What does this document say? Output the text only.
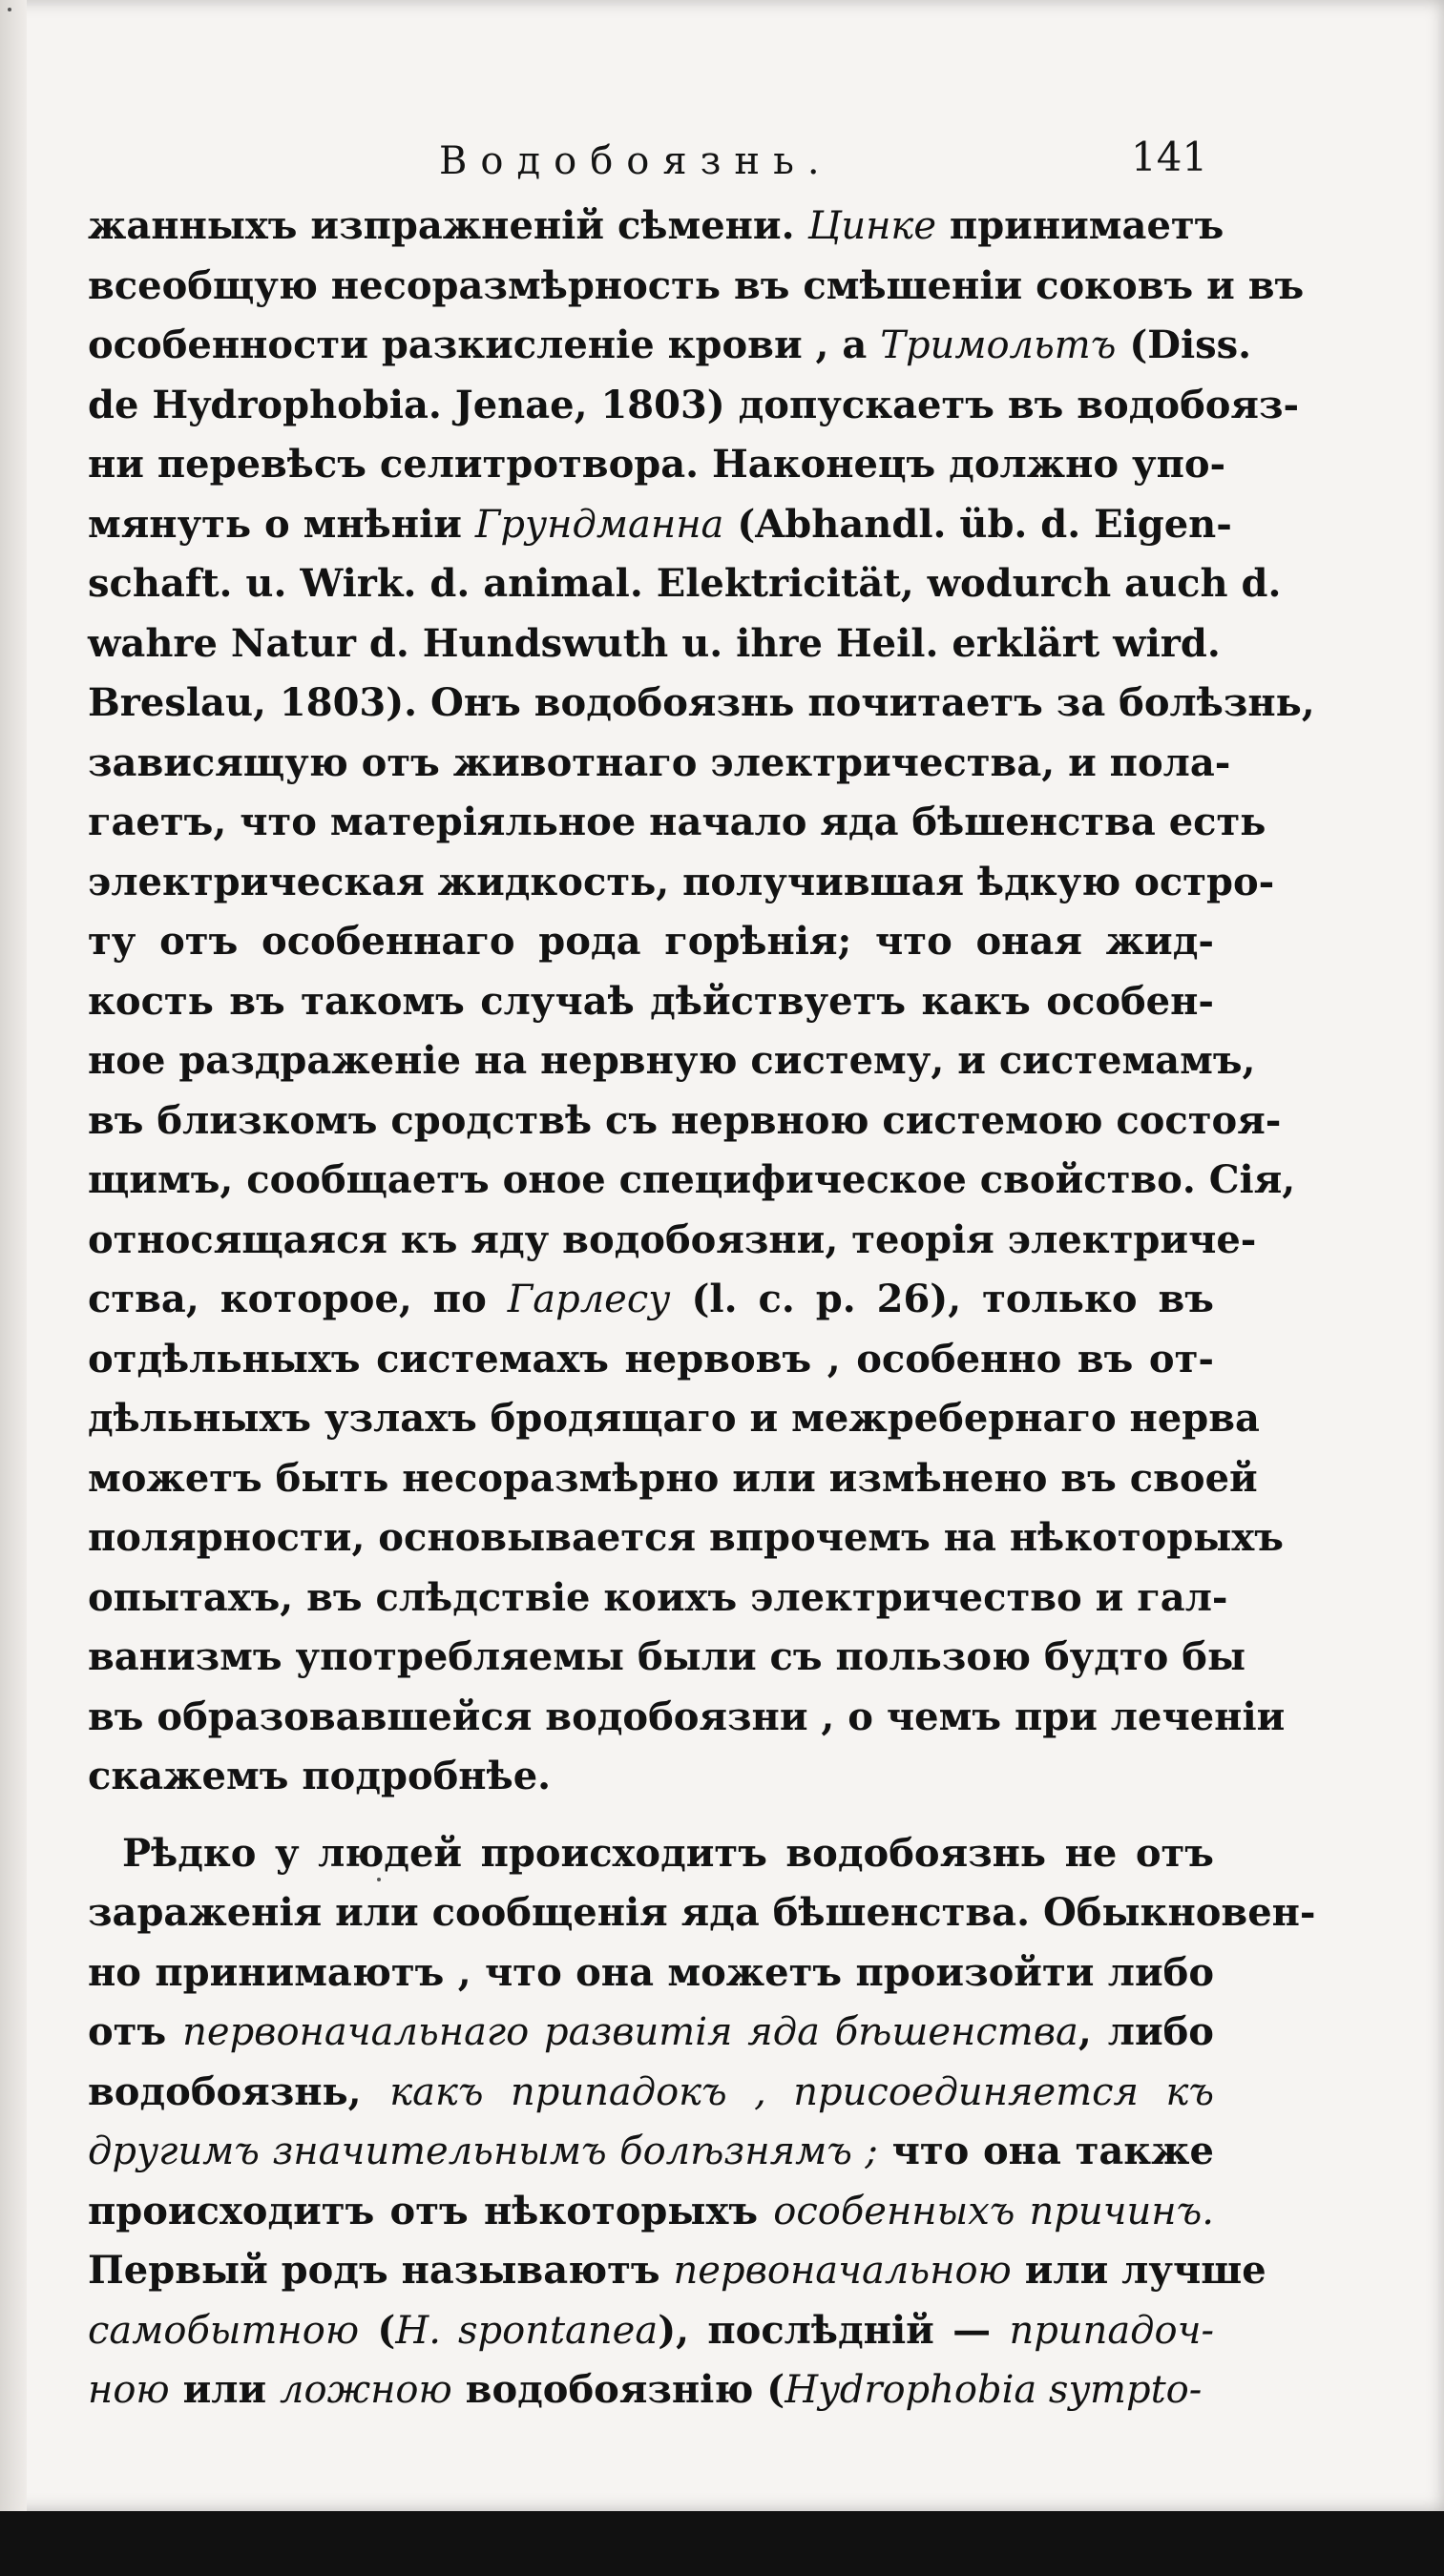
Водобоязнь.	141
жанныхъ изпражненій сѣмени. Цинке принимаетъ
всеобщую несоразмѣрность въ смѣшеніи соковъ и въ
особенности разкисленіе крови , а Тримольтъ (Diss.
de Hydrophobia. Jenae, 1803) допускаетъ въ водобояз-
ни перевѣсъ селитротвора. Наконецъ должно упо-
мянуть о мнѣніи Грундманна (Abhandl. üb. d. Eigen-
schaft. u. Wirk. d. animal. Elektricität, wodurch auch d.
wahre Natur d. Hundswuth u. ihre Heil. erklärt wird.
Breslau, 1803). Онъ водобоязнь почитаетъ за болѣзнь,
зависящую отъ животнаго электричества, и пола-
гаетъ, что матеріяльное начало яда бѣшенства есть
электрическая жидкость, получившая ѣдкую остро-
ту отъ особеннаго рода горѣнія; что оная жид-
кость въ такомъ случаѣ дѣйствуетъ какъ особен-
ное раздраженіе на нервную систему, и системамъ,
въ близкомъ сродствѣ съ нервною системою состоя-
щимъ, сообщаетъ оное специфическое свойство. Сія,
относящаяся къ яду водобоязни, теорія электриче-
ства, которое, по Гарлесу (l. c. p. 26), только въ
отдѣльныхъ системахъ нервовъ , особенно въ от-
дѣльныхъ узлахъ бродящаго и межребернаго нерва
можетъ быть несоразмѣрно или измѣнено въ своей
полярности, основывается впрочемъ на нѣкоторыхъ
опытахъ, въ слѣдствіе коихъ электричество и гал-
ванизмъ употребляемы были съ пользою будто бы
въ образовавшейся водобоязни , о чемъ при леченіи
скажемъ подробнѣе.
Рѣдко у людей происходитъ водобоязнь не отъ
зараженія или сообщенія яда бѣшенства. Обыкновен-
но принимаютъ , что она можетъ произойти либо
отъ первоначальнаго развитія яда бѣшенства, либо
водобоязнь, какъ припадокъ , присоединяется къ
другимъ значительнымъ болѣзнямъ ; что она также
происходитъ отъ нѣкоторыхъ особенныхъ причинъ.
Первый родъ называютъ первоначальною или лучше
самобытною (H. spontanea), послѣдній — припадоч-
ною или ложною водобоязнію (Hydrophobia sympto-
